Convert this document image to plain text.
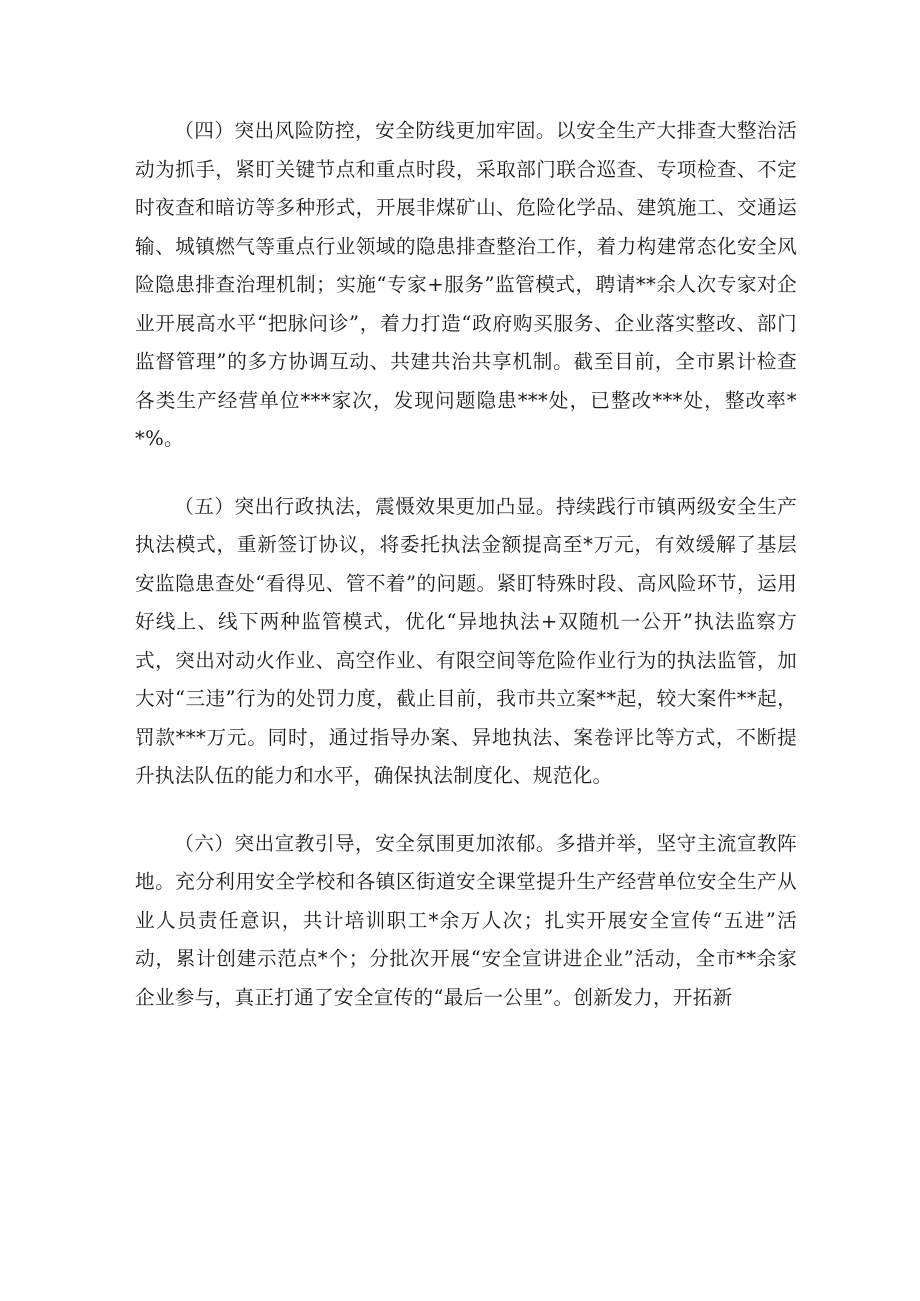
（四）突出风险防控，安全防线更加牢固。以安全生产大排查大整治活动为抓手，紧盯关键节点和重点时段，采取部门联合巡查、专项检查、不定时夜查和暗访等多种形式，开展非煤矿山、危险化学品、建筑施工、交通运输、城镇燃气等重点行业领域的隐患排查整治工作，着力构建常态化安全风险隐患排查治理机制；实施“专家+服务”监管模式，聘请**余人次专家对企业开展高水平“把脉问诊”，着力打造“政府购买服务、企业落实整改、部门监督管理”的多方协调互动、共建共治共享机制。截至目前，全市累计检查各类生产经营单位***家次，发现问题隐患***处，已整改***处，整改率**%。

（五）突出行政执法，震慑效果更加凸显。持续践行市镇两级安全生产执法模式，重新签订协议，将委托执法金额提高至*万元，有效缓解了基层安监隐患查处“看得见、管不着”的问题。紧盯特殊时段、高风险环节，运用好线上、线下两种监管模式，优化“异地执法+双随机一公开”执法监察方式，突出对动火作业、高空作业、有限空间等危险作业行为的执法监管，加大对“三违”行为的处罚力度，截止目前，我市共立案**起，较大案件**起，罚款***万元。同时，通过指导办案、异地执法、案卷评比等方式，不断提升执法队伍的能力和水平，确保执法制度化、规范化。

（六）突出宣教引导，安全氛围更加浓郁。多措并举，坚守主流宣教阵地。充分利用安全学校和各镇区街道安全课堂提升生产经营单位安全生产从业人员责任意识，共计培训职工*余万人次；扎实开展安全宣传“五进”活动，累计创建示范点*个；分批次开展“安全宣讲进企业”活动，全市**余家企业参与，真正打通了安全宣传的“最后一公里”。创新发力，开拓新
